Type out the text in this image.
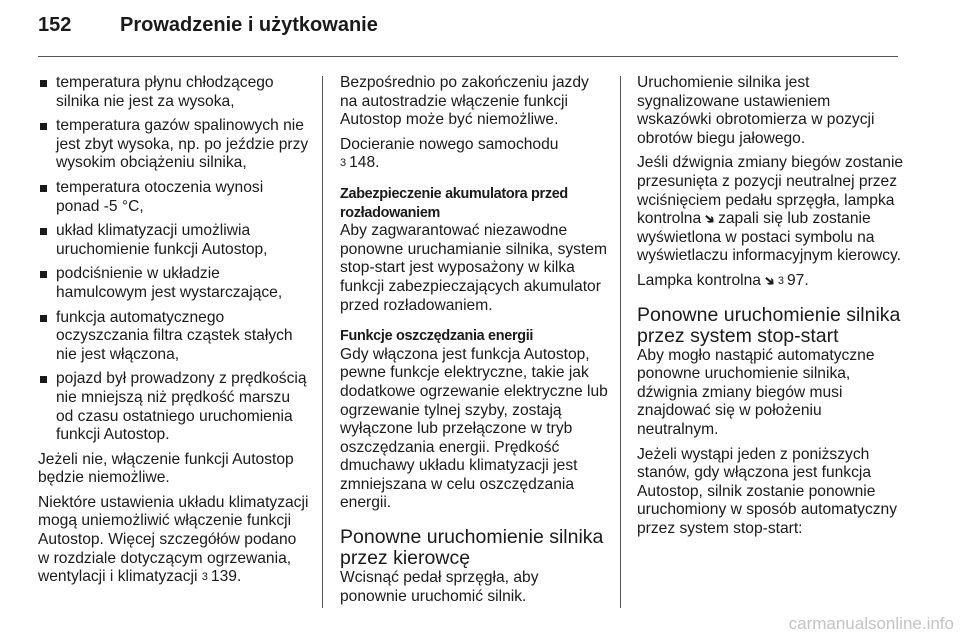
152 Prowadzenie i użytkowanie
temperatura płynu chłodzącego silnika nie jest za wysoka,
temperatura gazów spalinowych nie jest zbyt wysoka, np. po jeździe przy wysokim obciążeniu silnika,
temperatura otoczenia wynosi ponad -5 °C,
układ klimatyzacji umożliwia uruchomienie funkcji Autostop,
podciśnienie w układzie hamulcowym jest wystarczające,
funkcja automatycznego oczyszczania filtra cząstek stałych nie jest włączona,
pojazd był prowadzony z prędkością nie mniejszą niż prędkość marszu od czasu ostatniego uruchomienia funkcji Autostop.

Jeżeli nie, włączenie funkcji Autostop będzie niemożliwe.

Niektóre ustawienia układu klimatyzacji mogą uniemożliwić włączenie funkcji Autostop. Więcej szczegółów podano w rozdziale dotyczącym ogrzewania, wentylacji i klimatyzacji 3 139.

Bezpośrednio po zakończeniu jazdy na autostradzie włączenie funkcji Autostop może być niemożliwe.

Docieranie nowego samochodu
3 148.

Zabezpieczenie akumulatora przed rozładowaniem

Aby zagwarantować niezawodne ponowne uruchamianie silnika, system stop-start jest wyposażony w kilka funkcji zabezpieczających akumulator przed rozładowaniem.

Funkcje oszczędzania energii

Gdy włączona jest funkcja Autostop, pewne funkcje elektryczne, takie jak dodatkowe ogrzewanie elektryczne lub ogrzewanie tylnej szyby, zostają wyłączone lub przełączone w tryb oszczędzania energii. Prędkość dmuchawy układu klimatyzacji jest zmniejszana w celu oszczędzania energii.

Ponowne uruchomienie silnika przez kierowcę

Wcisnąć pedał sprzęgła, aby ponownie uruchomić silnik.

Uruchomienie silnika jest sygnalizowane ustawieniem wskazówki obrotomierza w pozycji obrotów biegu jałowego.

Jeśli dźwignia zmiany biegów zostanie przesunięta z pozycji neutralnej przez wciśnięciem pedału sprzęgła, lampka kontrolna➔zapali się lub zostanie wyświetlona w postaci symbolu na wyświetlaczu informacyjnym kierowcy.

Lampka kontrolna➔3 97.

Ponowne uruchomienie silnika przez system stop-start

Aby mogło nastąpić automatyczne ponowne uruchomienie silnika, dźwignia zmiany biegów musi znajdować się w położeniu neutralnym.

Jeżeli wystąpi jeden z poniższych stanów, gdy włączona jest funkcja Autostop, silnik zostanie ponownie uruchomiony w sposób automatyczny przez system stop-start:

carmanualsonline.info
